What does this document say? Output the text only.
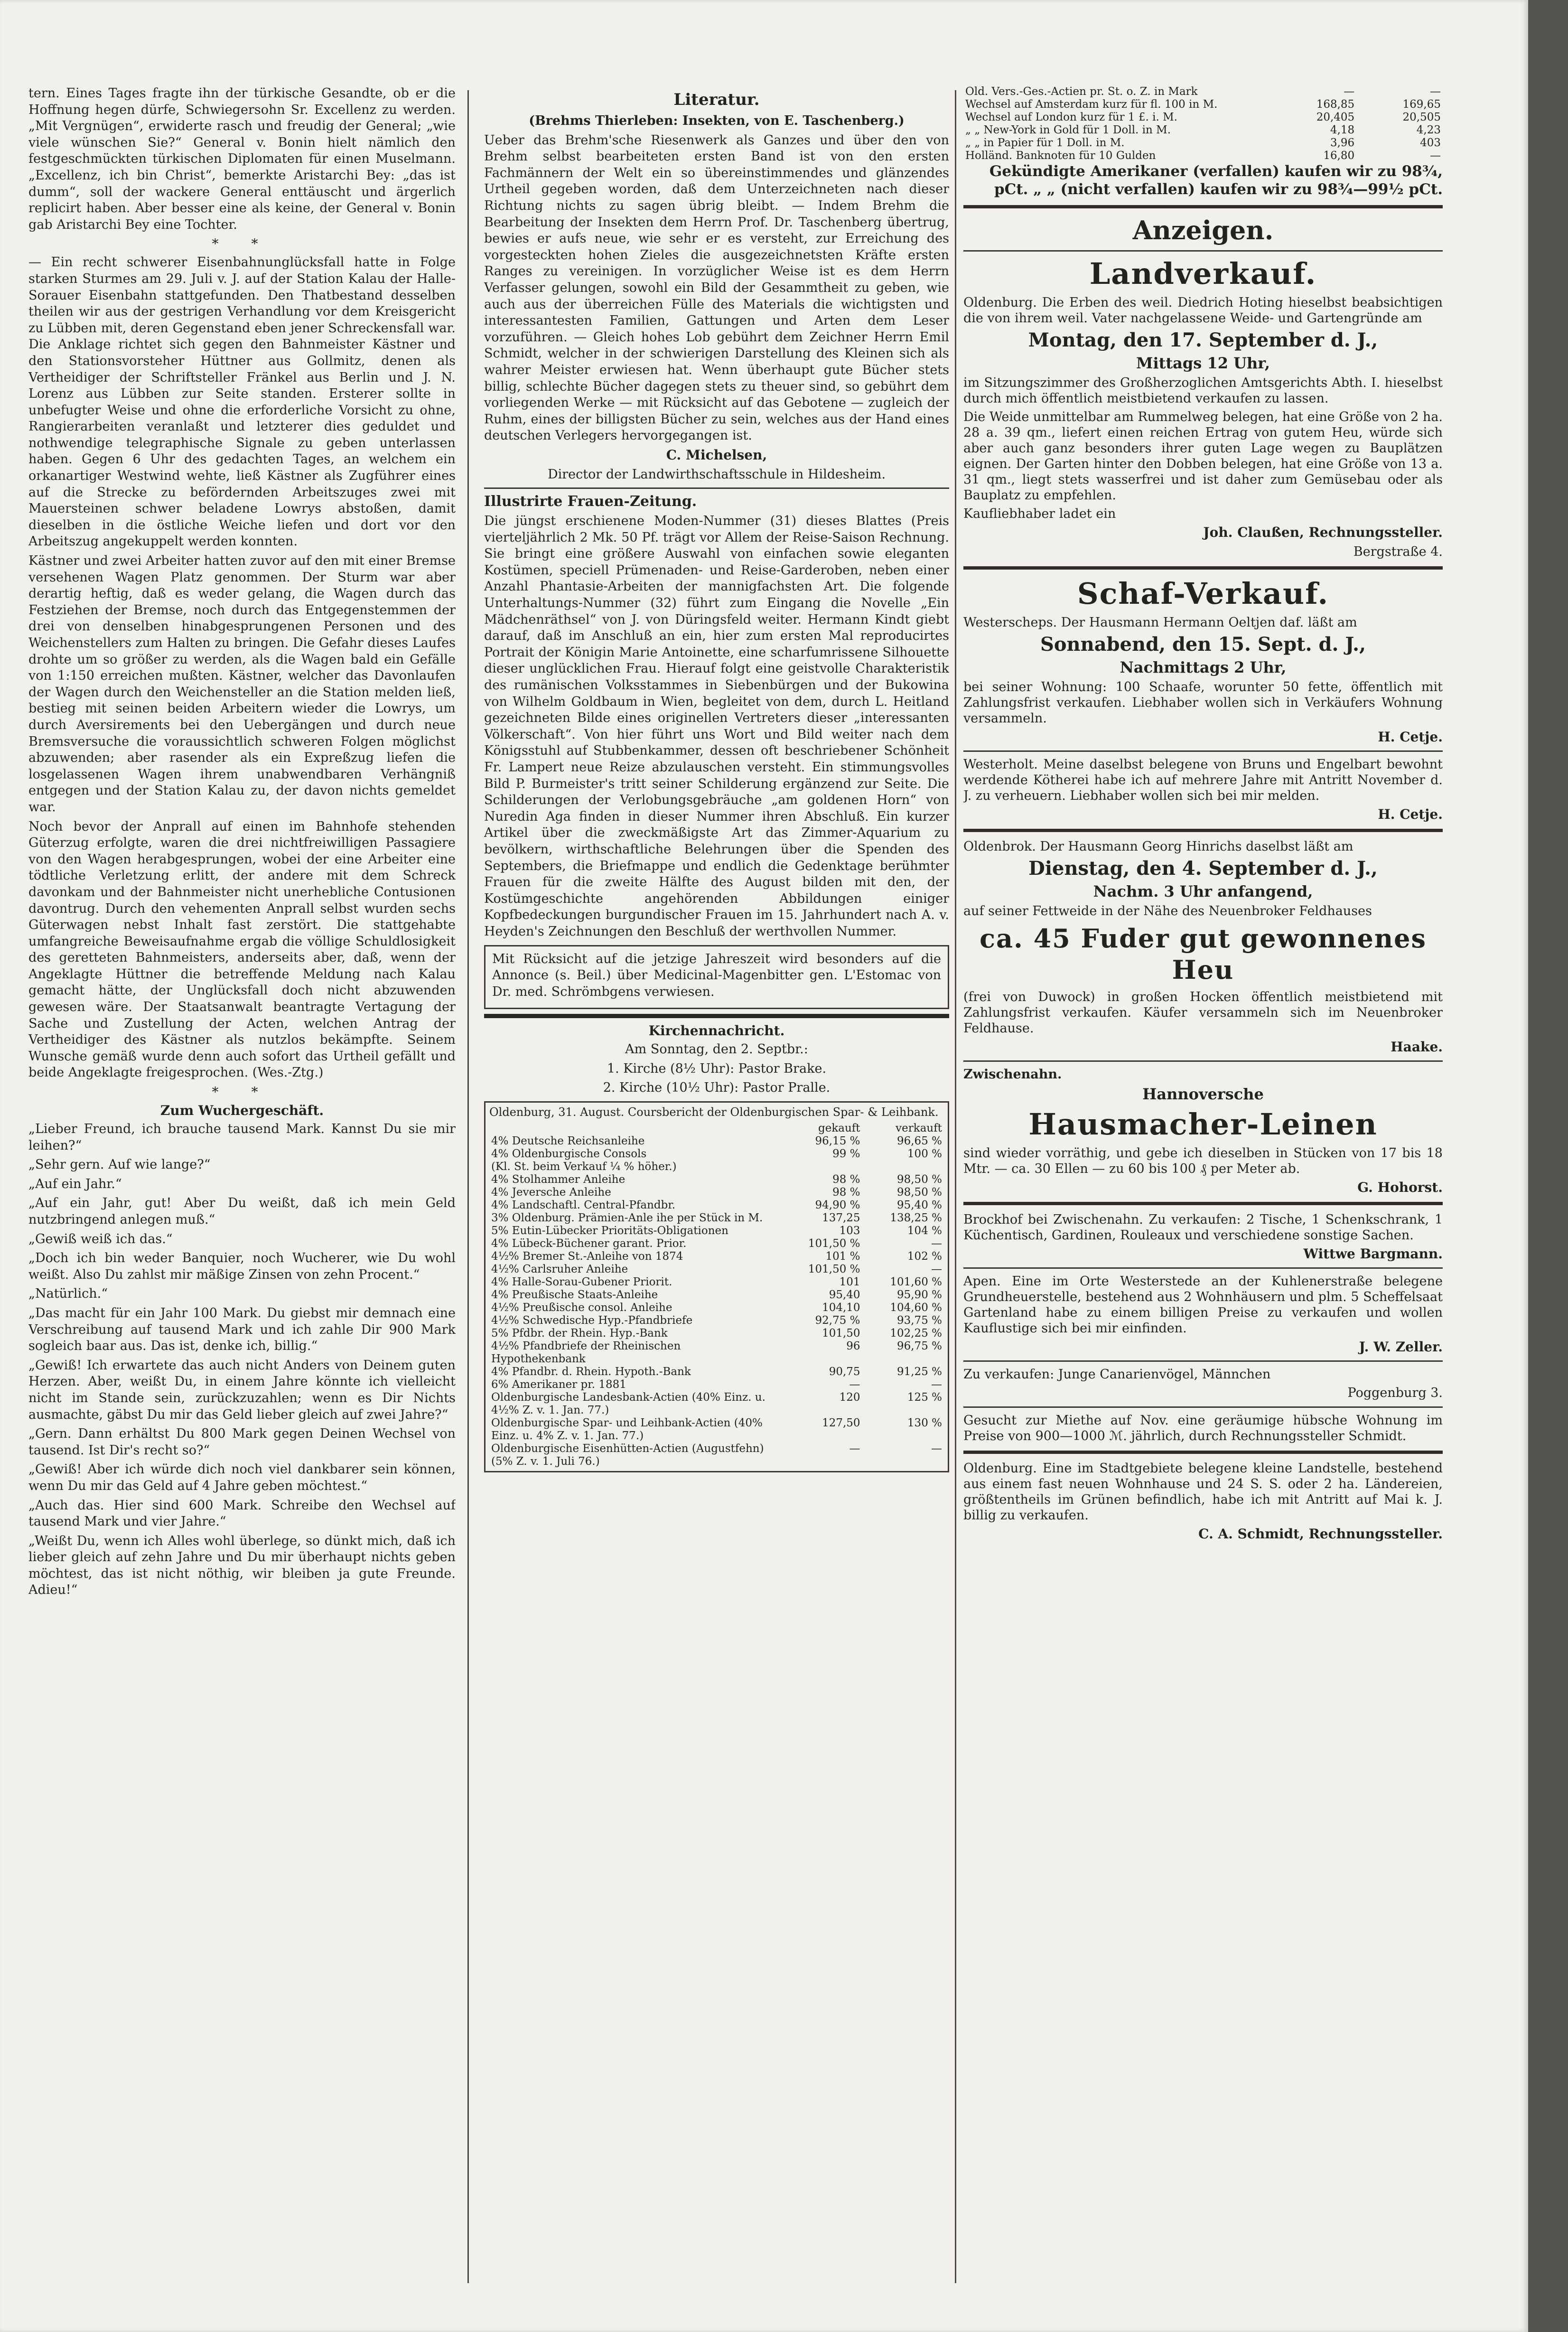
tern. Eines Tages fragte ihn der türkische Gesandte, ob er die Hoffnung hegen dürfe, Schwiegersohn Sr. Excellenz zu werden. „Mit Vergnügen“, erwiderte rasch und freudig der General; „wie viele wünschen Sie?“ General v. Bonin hielt nämlich den festgeschmückten türkischen Diplomaten für einen Muselmann. „Excellenz, ich bin Christ“, bemerkte Aristarchi Bey: „das ist dumm“, soll der wackere General enttäuscht und ärgerlich replicirt haben. Aber besser eine als keine, der General v. Bonin gab Aristarchi Bey eine Tochter.

* *

— Ein recht schwerer Eisenbahnunglücksfall hatte in Folge starken Sturmes am 29. Juli v. J. auf der Station Kalau der Halle-Sorauer Eisenbahn stattgefunden. Den Thatbestand desselben theilen wir aus der gestrigen Verhandlung vor dem Kreisgericht zu Lübben mit, deren Gegenstand eben jener Schreckensfall war. Die Anklage richtet sich gegen den Bahnmeister Kästner und den Stationsvorsteher Hüttner aus Gollmitz, denen als Vertheidiger der Schriftsteller Fränkel aus Berlin und J. N. Lorenz aus Lübben zur Seite standen. Ersterer sollte in unbefugter Weise und ohne die erforderliche Vorsicht zu ohne, Rangierarbeiten veranlaßt und letzterer dies geduldet und nothwendige telegraphische Signale zu geben unterlassen haben. Gegen 6 Uhr des gedachten Tages, an welchem ein orkanartiger Westwind wehte, ließ Kästner als Zugführer eines auf die Strecke zu befördernden Arbeitszuges zwei mit Mauersteinen schwer beladene Lowrys abstoßen, damit dieselben in die östliche Weiche liefen und dort vor den Arbeitszug angekuppelt werden konnten.

Kästner und zwei Arbeiter hatten zuvor auf den mit einer Bremse versehenen Wagen Platz genommen. Der Sturm war aber derartig heftig, daß es weder gelang, die Wagen durch das Festziehen der Bremse, noch durch das Entgegenstemmen der drei von denselben hinabgesprungenen Personen und des Weichenstellers zum Halten zu bringen. Die Gefahr dieses Laufes drohte um so größer zu werden, als die Wagen bald ein Gefälle von 1:150 erreichen mußten. Kästner, welcher das Davonlaufen der Wagen durch den Weichensteller an die Station melden ließ, bestieg mit seinen beiden Arbeitern wieder die Lowrys, um durch Aversirements bei den Uebergängen und durch neue Bremsversuche die voraussichtlich schweren Folgen möglichst abzuwenden; aber rasender als ein Expreßzug liefen die losgelassenen Wagen ihrem unabwendbaren Verhängniß entgegen und der Station Kalau zu, der davon nichts gemeldet war.

Noch bevor der Anprall auf einen im Bahnhofe stehenden Güterzug erfolgte, waren die drei nichtfreiwilligen Passagiere von den Wagen herabgesprungen, wobei der eine Arbeiter eine tödtliche Verletzung erlitt, der andere mit dem Schreck davonkam und der Bahnmeister nicht unerhebliche Contusionen davontrug. Durch den vehementen Anprall selbst wurden sechs Güterwagen nebst Inhalt fast zerstört. Die stattgehabte umfangreiche Beweisaufnahme ergab die völlige Schuldlosigkeit des geretteten Bahnmeisters, anderseits aber, daß, wenn der Angeklagte Hüttner die betreffende Meldung nach Kalau gemacht hätte, der Unglücksfall doch nicht abzuwenden gewesen wäre. Der Staatsanwalt beantragte Vertagung der Sache und Zustellung der Acten, welchen Antrag der Vertheidiger des Kästner als nutzlos bekämpfte. Seinem Wunsche gemäß wurde denn auch sofort das Urtheil gefällt und beide Angeklagte freigesprochen. (Wes.-Ztg.)

* *
Zum Wuchergeschäft.

„Lieber Freund, ich brauche tausend Mark. Kannst Du sie mir leihen?“

„Sehr gern. Auf wie lange?“

„Auf ein Jahr.“

„Auf ein Jahr, gut! Aber Du weißt, daß ich mein Geld nutzbringend anlegen muß.“

„Gewiß weiß ich das.“

„Doch ich bin weder Banquier, noch Wucherer, wie Du wohl weißt. Also Du zahlst mir mäßige Zinsen von zehn Procent.“

„Natürlich.“

„Das macht für ein Jahr 100 Mark. Du giebst mir demnach eine Verschreibung auf tausend Mark und ich zahle Dir 900 Mark sogleich baar aus. Das ist, denke ich, billig.“

„Gewiß! Ich erwartete das auch nicht Anders von Deinem guten Herzen. Aber, weißt Du, in einem Jahre könnte ich vielleicht nicht im Stande sein, zurückzuzahlen; wenn es Dir Nichts ausmachte, gäbst Du mir das Geld lieber gleich auf zwei Jahre?“

„Gern. Dann erhältst Du 800 Mark gegen Deinen Wechsel von tausend. Ist Dir's recht so?“

„Gewiß! Aber ich würde dich noch viel dankbarer sein können, wenn Du mir das Geld auf 4 Jahre geben möchtest.“

„Auch das. Hier sind 600 Mark. Schreibe den Wechsel auf tausend Mark und vier Jahre.“

„Weißt Du, wenn ich Alles wohl überlege, so dünkt mich, daß ich lieber gleich auf zehn Jahre und Du mir überhaupt nichts geben möchtest, das ist nicht nöthig, wir bleiben ja gute Freunde. Adieu!“

Literatur.

(Brehms Thierleben: Insekten, von E. Taschenberg.)

Ueber das Brehm'sche Riesenwerk als Ganzes und über den von Brehm selbst bearbeiteten ersten Band ist von den ersten Fachmännern der Welt ein so übereinstimmendes und glänzendes Urtheil gegeben worden, daß dem Unterzeichneten nach dieser Richtung nichts zu sagen übrig bleibt. — Indem Brehm die Bearbeitung der Insekten dem Herrn Prof. Dr. Taschenberg übertrug, bewies er aufs neue, wie sehr er es versteht, zur Erreichung des vorgesteckten hohen Zieles die ausgezeichnetsten Kräfte ersten Ranges zu vereinigen. In vorzüglicher Weise ist es dem Herrn Verfasser gelungen, sowohl ein Bild der Gesammtheit zu geben, wie auch aus der überreichen Fülle des Materials die wichtigsten und interessantesten Familien, Gattungen und Arten dem Leser vorzuführen. — Gleich hohes Lob gebührt dem Zeichner Herrn Emil Schmidt, welcher in der schwierigen Darstellung des Kleinen sich als wahrer Meister erwiesen hat. Wenn überhaupt gute Bücher stets billig, schlechte Bücher dagegen stets zu theuer sind, so gebührt dem vorliegenden Werke — mit Rücksicht auf das Gebotene — zugleich der Ruhm, eines der billigsten Bücher zu sein, welches aus der Hand eines deutschen Verlegers hervorgegangen ist.

C. Michelsen,

Director der Landwirthschaftsschule in Hildesheim.

Illustrirte Frauen-Zeitung.

Die jüngst erschienene Moden-Nummer (31) dieses Blattes (Preis vierteljährlich 2 Mk. 50 Pf. trägt vor Allem der Reise-Saison Rechnung. Sie bringt eine größere Auswahl von einfachen sowie eleganten Kostümen, speciell Prümenaden- und Reise-Garderoben, neben einer Anzahl Phantasie-Arbeiten der mannigfachsten Art. Die folgende Unterhaltungs-Nummer (32) führt zum Eingang die Novelle „Ein Mädchenräthsel“ von J. von Düringsfeld weiter. Hermann Kindt giebt darauf, daß im Anschluß an ein, hier zum ersten Mal reproducirtes Portrait der Königin Marie Antoinette, eine scharfumrissene Silhouette dieser unglücklichen Frau. Hierauf folgt eine geistvolle Charakteristik des rumänischen Volksstammes in Siebenbürgen und der Bukowina von Wilhelm Goldbaum in Wien, begleitet von dem, durch L. Heitland gezeichneten Bilde eines originellen Vertreters dieser „interessanten Völkerschaft“. Von hier führt uns Wort und Bild weiter nach dem Königsstuhl auf Stubbenkammer, dessen oft beschriebener Schönheit Fr. Lampert neue Reize abzulauschen versteht. Ein stimmungsvolles Bild P. Burmeister's tritt seiner Schilderung ergänzend zur Seite. Die Schilderungen der Verlobungsgebräuche „am goldenen Horn“ von Nuredin Aga finden in dieser Nummer ihren Abschluß. Ein kurzer Artikel über die zweckmäßigste Art das Zimmer-Aquarium zu bevölkern, wirthschaftliche Belehrungen über die Spenden des Septembers, die Briefmappe und endlich die Gedenktage berühmter Frauen für die zweite Hälfte des August bilden mit den, der Kostümgeschichte angehörenden Abbildungen einiger Kopfbedeckungen burgundischer Frauen im 15. Jahrhundert nach A. v. Heyden's Zeichnungen den Beschluß der werthvollen Nummer.

Mit Rücksicht auf die jetzige Jahreszeit wird besonders auf die Annonce (s. Beil.) über Medicinal-Magenbitter gen. L'Estomac von Dr. med. Schrömbgens verwiesen.

Kirchennachricht.

Am Sonntag, den 2. Septbr.:

1. Kirche (8½ Uhr): Pastor Brake.

2. Kirche (10½ Uhr): Pastor Pralle.

Oldenburg, 31. August. Coursbericht der Oldenburgischen Spar- & Leihbank.

	gekauft	verkauft
4% Deutsche Reichsanleihe	96,15 %	96,65 %
4% Oldenburgische Consols	99 %	100 %
(Kl. St. beim Verkauf ¼ % höher.)		
4% Stolhammer Anleihe	98 %	98,50 %
4% Jeversche Anleihe	98 %	98,50 %
4% Landschaftl. Central-Pfandbr.	94,90 %	95,40 %
3% Oldenburg. Prämien-Anle ihe per Stück in M.	137,25	138,25 %
5% Eutin-Lübecker Prioritäts-Obligationen	103	104 %
4% Lübeck-Büchener garant. Prior.	101,50 %	—
4½% Bremer St.-Anleihe von 1874	101 %	102 %
4½% Carlsruher Anleihe	101,50 %	—
4% Halle-Sorau-Gubener Priorit.	101	101,60 %
4% Preußische Staats-Anleihe	95,40	95,90 %
4½% Preußische consol. Anleihe	104,10	104,60 %
4½% Schwedische Hyp.-Pfandbriefe	92,75 %	93,75 %
5% Pfdbr. der Rhein. Hyp.-Bank	101,50	102,25 %
4½% Pfandbriefe der Rheinischen Hypothekenbank	96	96,75 %
4% Pfandbr. d. Rhein. Hypoth.-Bank	90,75	91,25 %
6% Amerikaner pr. 1881	—	—
Oldenburgische Landesbank-Actien (40% Einz. u. 4½% Z. v. 1. Jan. 77.)	120	125 %
Oldenburgische Spar- und Leihbank-Actien (40% Einz. u. 4% Z. v. 1. Jan. 77.)	127,50	130 %
Oldenburgische Eisenhütten-Actien (Augustfehn) (5% Z. v. 1. Juli 76.)	—	—
Old. Vers.-Ges.-Actien pr. St. o. Z. in Mark	—	—
Wechsel auf Amsterdam kurz für fl. 100 in M.	168,85	169,65
Wechsel auf London kurz für 1 £. i. M.	20,405	20,505
„ „ New-York in Gold für 1 Doll. in M.	4,18	4,23
„ „ in Papier für 1 Doll. in M.	3,96	403
Holländ. Banknoten für 10 Gulden	16,80	—

Gekündigte Amerikaner (verfallen) kaufen wir zu 98¾, pCt. „ „ (nicht verfallen) kaufen wir zu 98¾—99½ pCt.

Anzeigen.
Landverkauf.

Oldenburg. Die Erben des weil. Diedrich Hoting hieselbst beabsichtigen die von ihrem weil. Vater nachgelassene Weide- und Gartengründe am

Montag, den 17. September d. J.,
Mittags 12 Uhr,

im Sitzungszimmer des Großherzoglichen Amtsgerichts Abth. I. hieselbst durch mich öffentlich meistbietend verkaufen zu lassen.

Die Weide unmittelbar am Rummelweg belegen, hat eine Größe von 2 ha. 28 a. 39 qm., liefert einen reichen Ertrag von gutem Heu, würde sich aber auch ganz besonders ihrer guten Lage wegen zu Bauplätzen eignen. Der Garten hinter den Dobben belegen, hat eine Größe von 13 a. 31 qm., liegt stets wasserfrei und ist daher zum Gemüsebau oder als Bauplatz zu empfehlen.

Kaufliebhaber ladet ein

Joh. Claußen, Rechnungssteller.

Bergstraße 4.

Schaf-Verkauf.

Westerscheps. Der Hausmann Hermann Oeltjen daf. läßt am

Sonnabend, den 15. Sept. d. J.,
Nachmittags 2 Uhr,

bei seiner Wohnung: 100 Schaafe, worunter 50 fette, öffentlich mit Zahlungsfrist verkaufen. Liebhaber wollen sich in Verkäufers Wohnung versammeln.

H. Cetje.

Westerholt. Meine daselbst belegene von Bruns und Engelbart bewohnt werdende Kötherei habe ich auf mehrere Jahre mit Antritt November d. J. zu verheuern. Liebhaber wollen sich bei mir melden.

H. Cetje.

Oldenbrok. Der Hausmann Georg Hinrichs daselbst läßt am

Dienstag, den 4. September d. J.,
Nachm. 3 Uhr anfangend,

auf seiner Fettweide in der Nähe des Neuenbroker Feldhauses

ca. 45 Fuder gut gewonnenes Heu

(frei von Duwock) in großen Hocken öffentlich meistbietend mit Zahlungsfrist verkaufen. Käufer versammeln sich im Neuenbroker Feldhause.

Haake.

Zwischenahn.

Hannoversche
Hausmacher-Leinen

sind wieder vorräthig, und gebe ich dieselben in Stücken von 17 bis 18 Mtr. — ca. 30 Ellen — zu 60 bis 100 ₰ per Meter ab.

G. Hohorst.

Brockhof bei Zwischenahn. Zu verkaufen: 2 Tische, 1 Schenkschrank, 1 Küchentisch, Gardinen, Rouleaux und verschiedene sonstige Sachen.

Wittwe Bargmann.

Apen. Eine im Orte Westerstede an der Kuhlenerstraße belegene Grundheuerstelle, bestehend aus 2 Wohnhäusern und plm. 5 Scheffelsaat Gartenland habe zu einem billigen Preise zu verkaufen und wollen Kauflustige sich bei mir einfinden.

J. W. Zeller.

Zu verkaufen: Junge Canarienvögel, Männchen

Poggenburg 3.

Gesucht zur Miethe auf Nov. eine geräumige hübsche Wohnung im Preise von 900—1000 ℳ. jährlich, durch Rechnungssteller Schmidt.

Oldenburg. Eine im Stadtgebiete belegene kleine Landstelle, bestehend aus einem fast neuen Wohnhause und 24 S. S. oder 2 ha. Ländereien, größtentheils im Grünen befindlich, habe ich mit Antritt auf Mai k. J. billig zu verkaufen.

C. A. Schmidt, Rechnungssteller.
